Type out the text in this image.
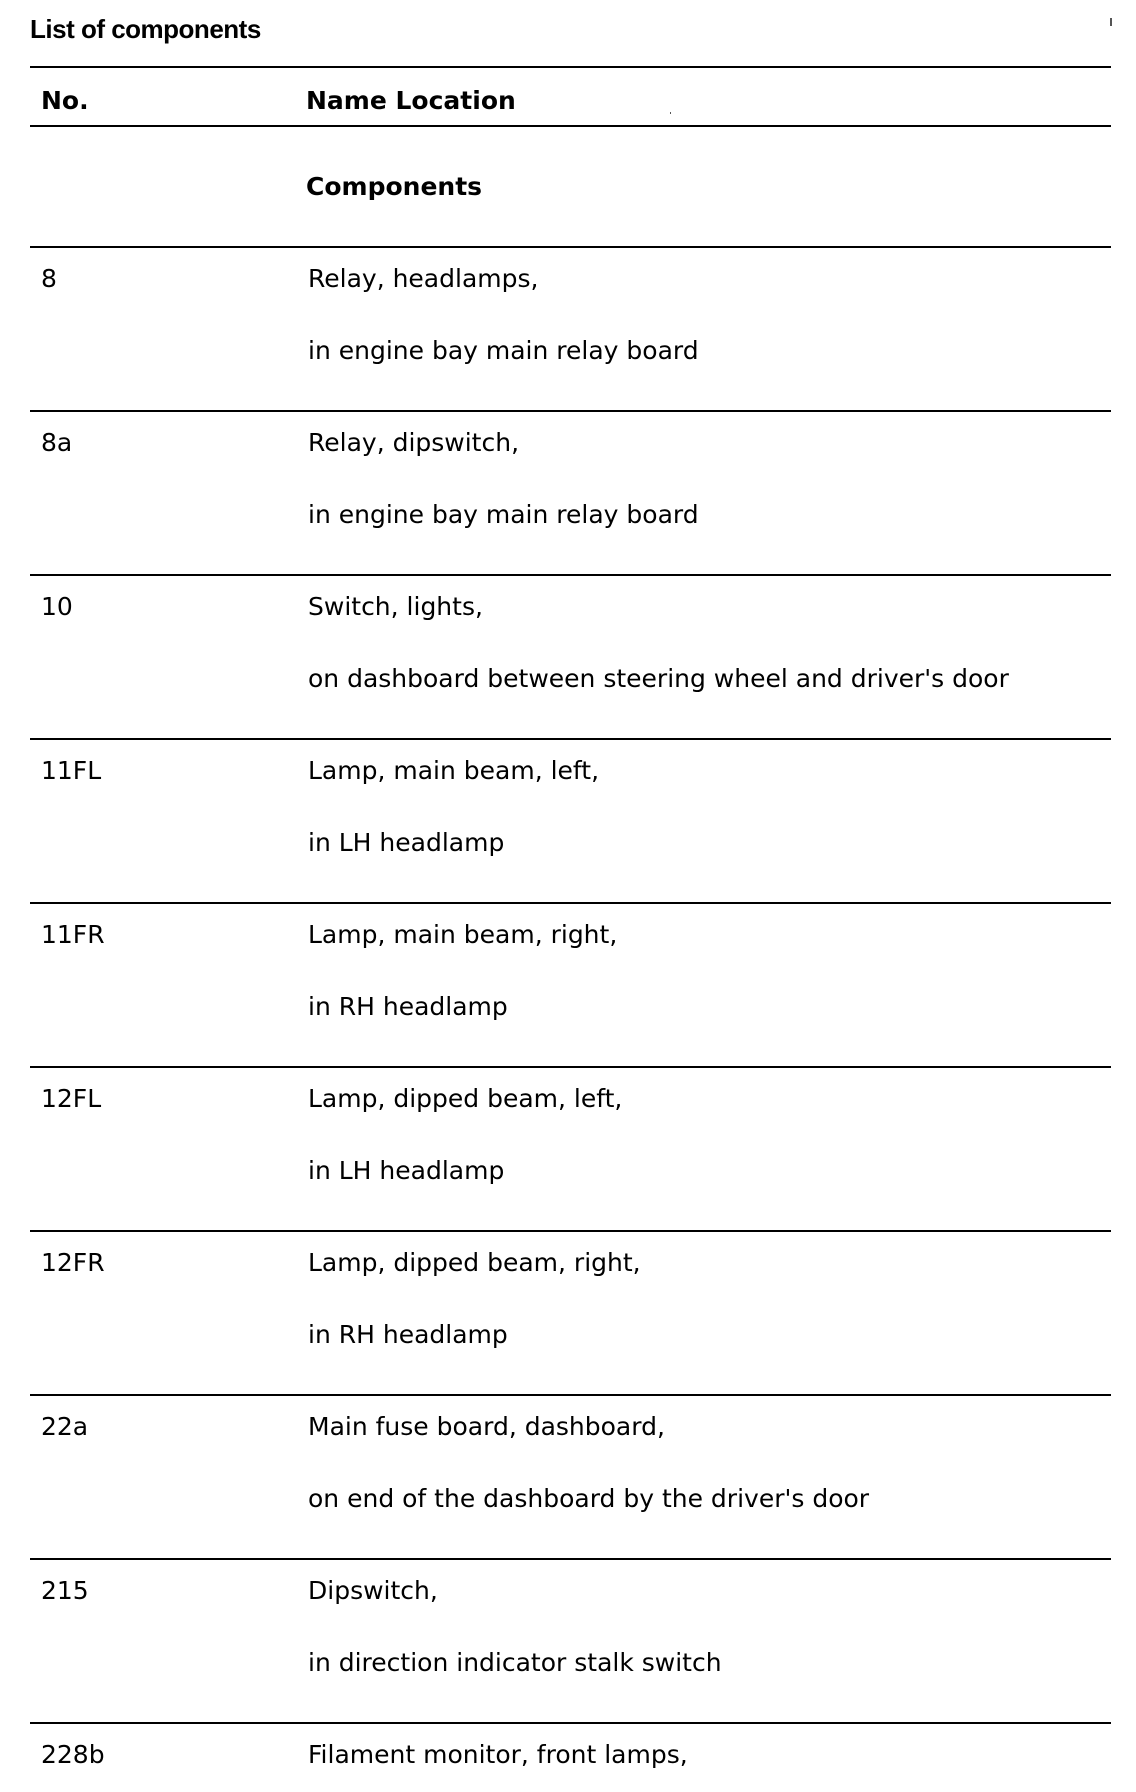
List of components
No.	Name Location
Components
8	Relay, headlamps,
in engine bay main relay board
8a	Relay, dipswitch,
in engine bay main relay board
10	Switch, lights,
on dashboard between steering wheel and driver's door
11FL	Lamp, main beam, left,
in LH headlamp
11FR	Lamp, main beam, right,
in RH headlamp
12FL	Lamp, dipped beam, left,
in LH headlamp
12FR	Lamp, dipped beam, right,
in RH headlamp
22a	Main fuse board, dashboard,
on end of the dashboard by the driver's door
215	Dipswitch,
in direction indicator stalk switch
228b	Filament monitor, front lamps,
